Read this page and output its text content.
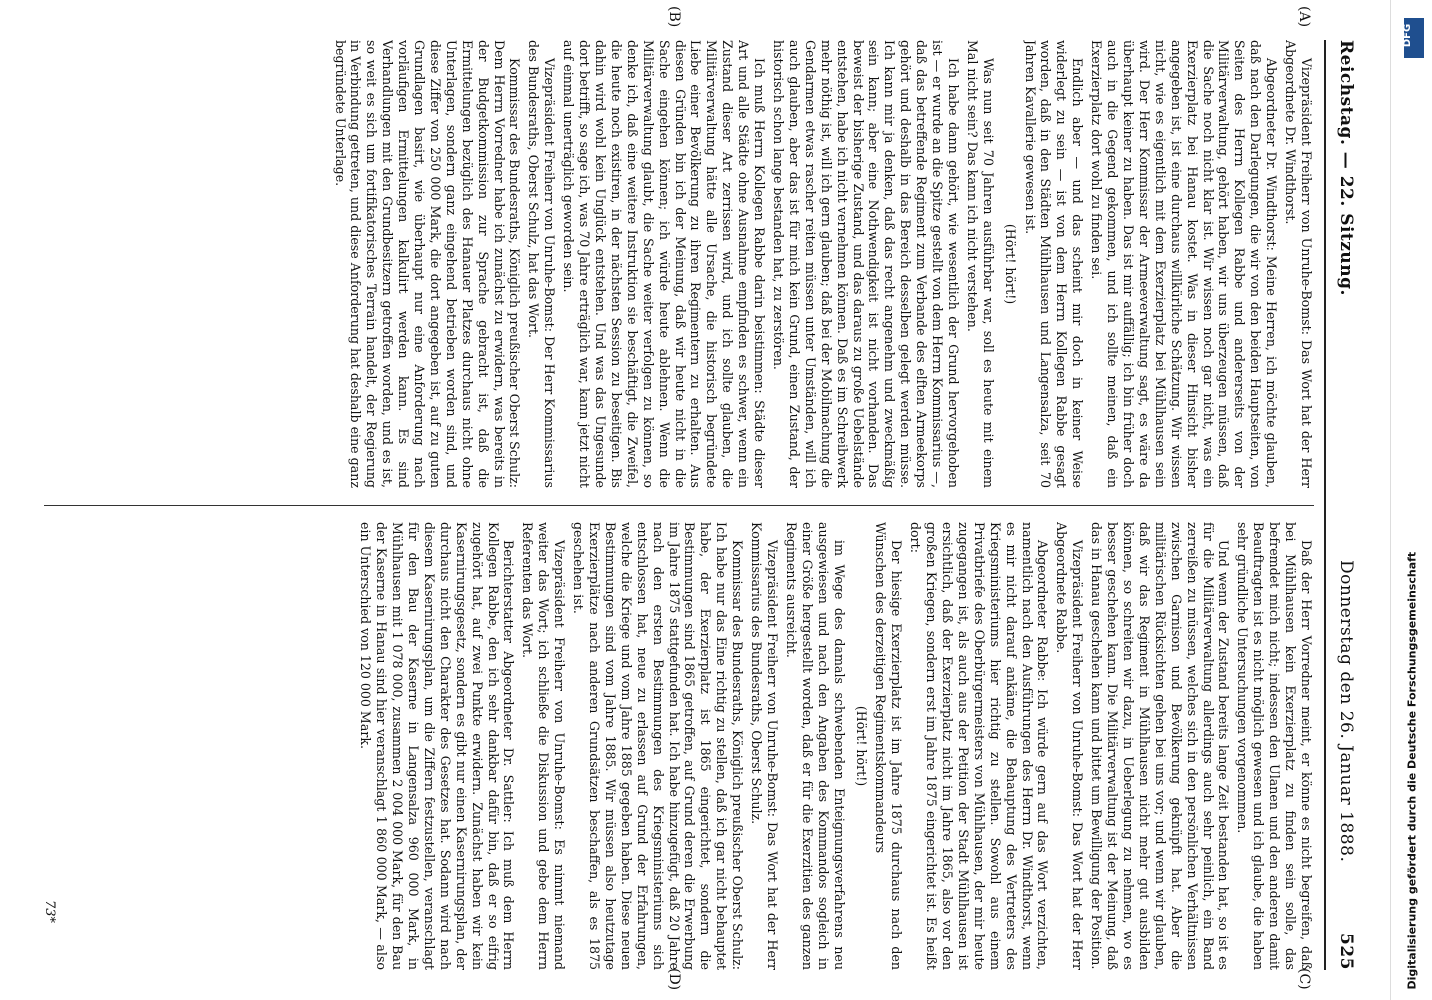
Reichstag. — 22. Sitzung.
Donnerstag den 26. Januar 1888.
525

Vizepräsident Freiherr von Unruhe-Bomst: Das Wort hat der Herr Abgeordnete Dr. Windthorst.

Abgeordneter Dr. Windthorst: Meine Herren, ich möchte glauben, daß nach den Darlegungen, die wir von den beiden Hauptseiten, von Seiten des Herrn Kollegen Rabbe und andererseits von der Militärverwaltung, gehört haben, wir uns überzeugen müssen, daß die Sache noch nicht klar ist. Wir wissen noch gar nicht, was ein Exerzierplatz bei Hanau kostet. Was in dieser Hinsicht bisher angegeben ist, ist eine durchaus willkürliche Schätzung. Wir wissen nicht, wie es eigentlich mit dem Exerzierplatz bei Mühlhausen sein wird. Der Herr Kommissar der Armeeverwaltung sagt, es wäre da überhaupt keiner zu haben. Das ist mir auffällig; ich bin früher doch auch in die Gegend gekommen, und ich sollte meinen, daß ein Exerzierplatz dort wohl zu finden sei.

Endlich aber — und das scheint mir doch in keiner Weise widerlegt zu sein — ist von dem Herrn Kollegen Rabbe gesagt worden, daß in den Städten Mühlhausen und Langensalza, seit 70 Jahren Kavallerie gewesen ist.

(Hört! hört!)

Was nun seit 70 Jahren ausführbar war, soll es heute mit einem Mal nicht sein? Das kann ich nicht verstehen.

Ich habe dann gehört, wie wesentlich der Grund hervorgehoben ist — er wurde an die Spitze gestellt von dem Herrn Kommissarius —, daß das betreffende Regiment zum Verbande des elften Armeekorps gehört und deshalb in das Bereich desselben gelegt werden müsse. Ich kann mir ja denken, daß das recht angenehm und zweckmäßig sein kann; aber eine Nothwendigkeit ist nicht vorhanden. Das beweist der bisherige Zustand, und das daraus zu große Uebelstände entstehen, habe ich nicht vernehmen können. Daß es im Schreibwerk mehr nöthig ist, will ich gern glauben; daß bei der Mobilmachung die Gendarmen etwas rascher reiten müssen unter Umständen, will ich auch glauben, aber das ist für mich kein Grund, einen Zustand, der historisch schon lange bestanden hat, zu zerstören.

Ich muß Herrn Kollegen Rabbe darin beistimmen: Städte dieser Art und alle Städte ohne Ausnahme empfinden es schwer, wenn ein Zustand dieser Art zerrissen wird, und ich sollte glauben, die Militärverwaltung hätte alle Ursache, die historisch begründete Liebe einer Bevölkerung zu ihren Regimentern zu erhalten. Aus diesen Gründen bin ich der Meinung, daß wir heute nicht in die Sache eingehen können; ich würde heute ablehnen. Wenn die Militärverwaltung glaubt, die Sache weiter verfolgen zu können, so denke ich, daß eine weitere Instruktion sie beschäftigt, die Zweifel, die heute noch existiren, in der nächsten Session zu beseitigen. Bis dahin wird wohl kein Unglück entstehen. Und was das Ungesunde dort betrifft, so sage ich, was 70 Jahre erträglich war, kann jetzt nicht auf einmal unerträglich geworden sein.

Vizepräsident Freiherr von Unruhe-Bomst: Der Herr Kommissarius des Bundesraths, Oberst Schulz, hat das Wort.

Kommissar des Bundesraths, Königlich preußischer Oberst Schulz: Dem Herrn Vorredner habe ich zunächst zu erwidern, was bereits in der Budgetkommission zur Sprache gebracht ist, daß die Ermittelungen bezüglich des Hanauer Platzes durchaus nicht ohne Unterlagen, sondern ganz eingehend betrieben worden sind, und diese Ziffer von 250 000 Mark, die dort angegeben ist, auf zu guten Grundlagen basirt, wie überhaupt nur eine Anforderung nach vorläufigen Ermittelungen kalkulirt werden kann. Es sind Verhandlungen mit den Grundbesitzern getroffen worden, und es ist, so weit es sich um fortifikatorisches Terrain handelt, der Regierung in Verbindung getreten, und diese Anforderung hat deshalb eine ganz begründete Unterlage.

Daß der Herr Vorredner meint, er könne es nicht begreifen, daß bei Mühlhausen kein Exerzierplatz zu finden sein solle, das befremdet mich nicht; indessen den Ulanen und den anderen damit Beauftragten ist es nicht möglich gewesen und ich glaube, die haben sehr gründliche Untersuchungen vorgenommen.

Und wenn der Zustand bereits lange Zeit bestanden hat, so ist es für die Militärverwaltung allerdings auch sehr peinlich, ein Band zerreißen zu müssen, welches sich in den persönlichen Verhältnissen zwischen Garnison und Bevölkerung geknüpft hat. Aber die militärischen Rücksichten gehen bei uns vor; und wenn wir glauben, daß wir das Regiment in Mühlhausen nicht mehr gut ausbilden können, so schreiten wir dazu, in Ueberlegung zu nehmen, wo es besser geschehen kann. Die Militärverwaltung ist der Meinung, daß das in Hanau geschehen kann und bittet um Bewilligung der Position.

Vizepräsident Freiherr von Unruhe-Bomst: Das Wort hat der Herr Abgeordnete Rabbe.

Abgeordneter Rabbe: Ich würde gern auf das Wort verzichten, namentlich nach den Ausführungen des Herrn Dr. Windthorst, wenn es mir nicht darauf ankäme, die Behauptung des Vertreters des Kriegsministeriums hier richtig zu stellen. Sowohl aus einem Privatbriefe des Oberbürgermeisters von Mühlhausen, der mir heute zugegangen ist, als auch aus der Petition der Stadt Mühlhausen ist ersichtlich, daß der Exerzierplatz nicht im Jahre 1865, also vor den großen Kriegen, sondern erst im Jahre 1875 eingerichtet ist. Es heißt dort:

Der hiesige Exerzierplatz ist im Jahre 1875 durchaus nach den Wünschen des derzeitigen Regimentskommandeurs

(Hört! hört!)

im Wege des damals schwebenden Enteignungsverfahrens neu ausgewiesen und nach den Angaben des Kommandos sogleich in einer Größe hergestellt worden, daß er für die Exerzitien des ganzen Regiments ausreicht.

Vizepräsident Freiherr von Unruhe-Bomst: Das Wort hat der Herr Kommissarius des Bundesraths, Oberst Schulz.

Kommissar des Bundesraths, Königlich preußischer Oberst Schulz: Ich habe nur das Eine richtig zu stellen, daß ich gar nicht behauptet habe, der Exerzierplatz ist 1865 eingerichtet, sondern die Bestimmungen sind 1865 getroffen, auf Grund deren die Erwerbung im Jahre 1875 stattgefunden hat. Ich habe hinzugefügt, daß 20 Jahre nach den ersten Bestimmungen des Kriegsministeriums sich entschlossen hat, neue zu erlassen auf Grund der Erfahrungen, welche die Kriege und vom Jahre 1885 gegeben haben. Diese neuen Bestimmungen sind vom Jahre 1885. Wir müssen also heutzutage Exerzierplätze nach anderen Grundsätzen beschaffen, als es 1875 geschehen ist.

Vizepräsident Freiherr von Unruhe-Bomst: Es nimmt niemand weiter das Wort; ich schließe die Diskussion und gebe dem Herrn Referenten das Wort.

Berichterstatter Abgeordneter Dr. Sattler: Ich muß dem Herrn Kollegen Rabbe, den ich sehr dankbar dafür bin, daß er so eifrig zugehört hat, auf zwei Punkte erwidern. Zunächst haben wir kein Kasernirungsgesetz, sondern es gibt nur einen Kasernirungsplan, der durchaus nicht den Charakter des Gesetzes hat. Sodann wird nach diesem Kasernirungsplan, um die Ziffern festzustellen, veranschlagt für den Bau der Kaserne in Langensalza 960 000 Mark, in Mühlhausen mit 1 078 000, zusammen 2 004 000 Mark, für den Bau der Kaserne in Hanau sind hier veranschlagt 1 860 000 Mark, — also ein Unterschied von 120 000 Mark.

(A)
(B)
(C)
(D)
73*
DFG
Digitalisierung gefördert durch die Deutsche Forschungsgemeinschaft
